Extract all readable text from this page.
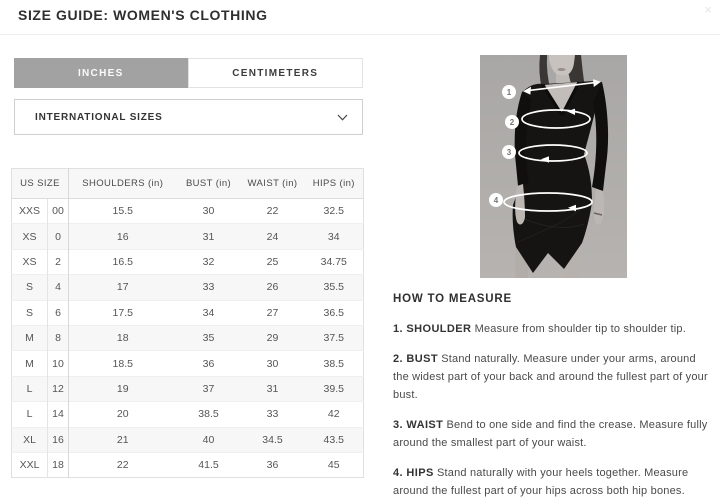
SIZE GUIDE: WOMEN'S CLOTHING	×
INCHES	CENTIMETERS
INTERNATIONAL SIZES
US SIZE		SHOULDERS (in)	BUST (in)	WAIST (in)	HIPS (in)
XXS	00	15.5	30	22	32.5
XS	0	16	31	24	34
XS	2	16.5	32	25	34.75
S	4	17	33	26	35.5
S	6	17.5	34	27	36.5
M	8	18	35	29	37.5
M	10	18.5	36	30	38.5
L	12	19	37	31	39.5
L	14	20	38.5	33	42
XL	16	21	40	34.5	43.5
XXL	18	22	41.5	36	45
1
2
3
4
HOW TO MEASURE

1. SHOULDER Measure from shoulder tip to shoulder tip.

2. BUST Stand naturally. Measure under your arms, around the widest part of your back and around the fullest part of your bust.

3. WAIST Bend to one side and find the crease. Measure fully around the smallest part of your waist.

4. HIPS Stand naturally with your heels together. Measure around the fullest part of your hips across both hip bones.
